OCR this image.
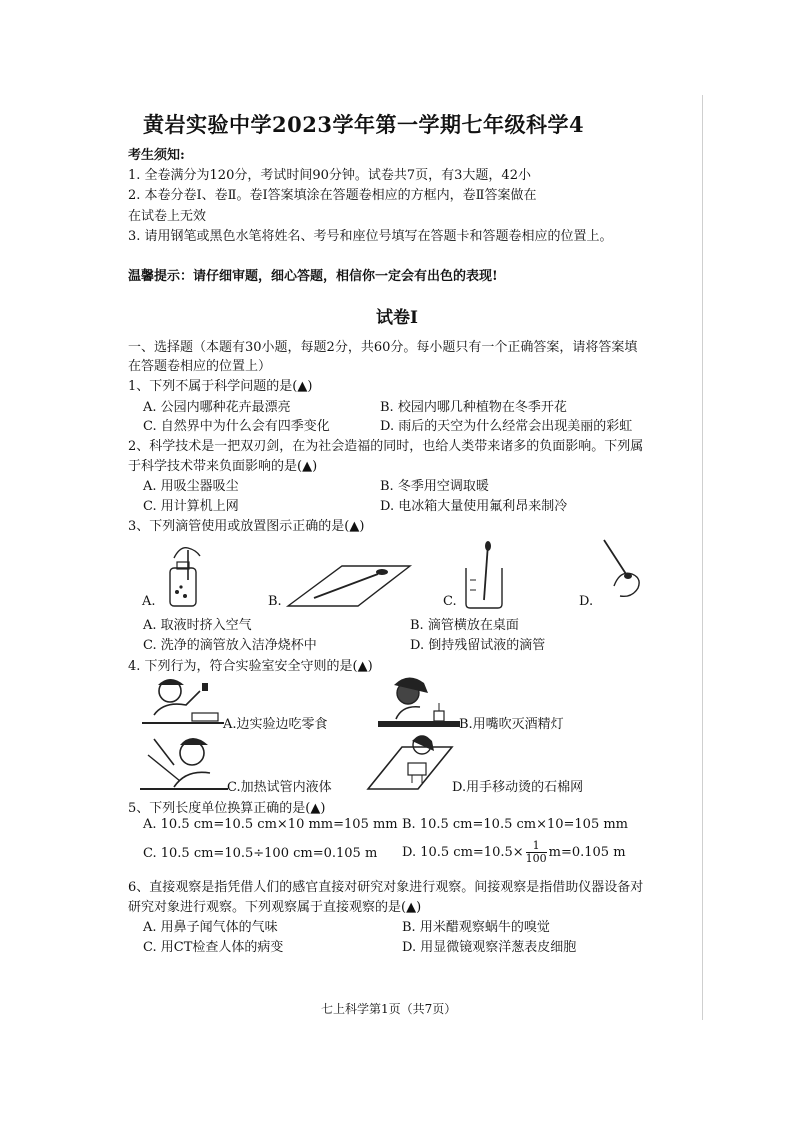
黄岩实验中学2023学年第一学期七年级科学4
考生须知:
1. 全卷满分为120分，考试时间90分钟。试卷共7页，有3大题，42小
2. 本卷分卷Ⅰ、卷Ⅱ。卷Ⅰ答案填涂在答题卷相应的方框内，卷Ⅱ答案做在
在试卷上无效
3. 请用钢笔或黑色水笔将姓名、考号和座位号填写在答题卡和答题卷相应的位置上。
温馨提示：请仔细审题，细心答题，相信你一定会有出色的表现!
试卷Ⅰ
一、选择题（本题有30小题，每题2分，共60分。每小题只有一个正确答案，请将答案填
在答题卷相应的位置上）
1、下列不属于科学问题的是(▲)
A. 公园内哪种花卉最漂亮	B. 校园内哪几种植物在冬季开花
C. 自然界中为什么会有四季变化	D. 雨后的天空为什么经常会出现美丽的彩虹
2、科学技术是一把双刃剑，在为社会造福的同时，也给人类带来诸多的负面影响。下列属
于科学技术带来负面影响的是(▲)
A. 用吸尘器吸尘	B. 冬季用空调取暖
C. 用计算机上网	D. 电冰箱大量使用氟利昂来制冷
3、下列滴管使用或放置图示正确的是(▲)
A.	B.	C.	D.
A. 取液时挤入空气	B. 滴管横放在桌面
C. 洗净的滴管放入洁净烧杯中	D. 倒持残留试液的滴管
4. 下列行为，符合实验室安全守则的是(▲)
A.边实验边吃零食	B.用嘴吹灭酒精灯
C.加热试管内液体	D.用手移动烫的石棉网
5、下列长度单位换算正确的是(▲)
A. 10.5 cm=10.5 cm×10 mm=105 mm B. 10.5 cm=10.5 cm×10=105 mm
C. 10.5 cm=10.5÷100 cm=0.105 m D. 10.5 $cm=10.5\times \frac{1}{100} m=0.105$ m
6、直接观察是指凭借人们的感官直接对研究对象进行观察。间接观察是指借助仪器设备对
研究对象进行观察。下列观察属于直接观察的是(▲)
A. 用鼻子闻气体的气味	B. 用米醋观察蜗牛的嗅觉
C. 用CT检查人体的病变	D. 用显微镜观察洋葱表皮细胞
七上科学第1页（共7页）
